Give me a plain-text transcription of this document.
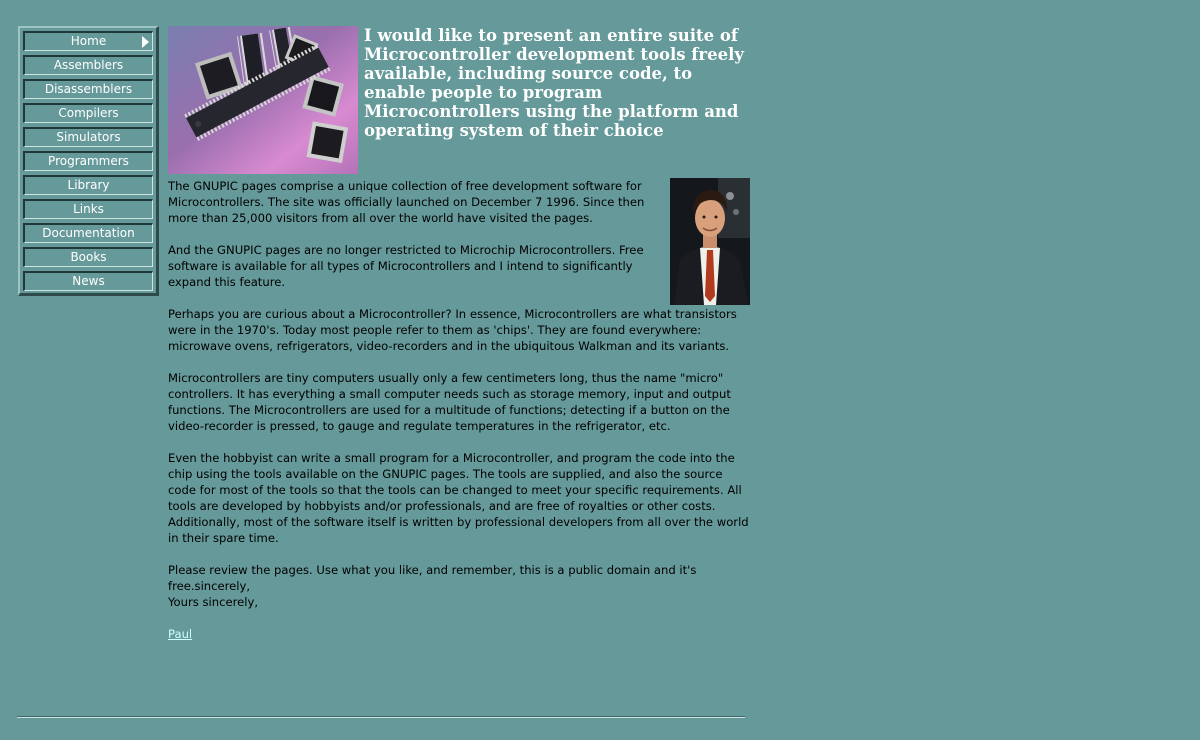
Home
Assemblers
Disassemblers
Compilers
Simulators
Programmers
Library
Links
Documentation
Books
News
I would like to present an entire suite of Microcontroller development tools freely available, including source code, to enable people to program Microcontrollers using the platform and operating system of their choice

The GNUPIC pages comprise a unique collection of free development software for Microcontrollers. The site was officially launched on December 7 1996. Since then more than 25,000 visitors from all over the world have visited the pages.

And the GNUPIC pages are no longer restricted to Microchip Microcontrollers. Free software is available for all types of Microcontrollers and I intend to significantly expand this feature.

Perhaps you are curious about a Microcontroller? In essence, Microcontrollers are what transistors were in the 1970's. Today most people refer to them as 'chips'. They are found everywhere: microwave ovens, refrigerators, video-recorders and in the ubiquitous Walkman and its variants.

Microcontrollers are tiny computers usually only a few centimeters long, thus the name "micro" controllers. It has everything a small computer needs such as storage memory, input and output functions. The Microcontrollers are used for a multitude of functions; detecting if a button on the video-recorder is pressed, to gauge and regulate temperatures in the refrigerator, etc.

Even the hobbyist can write a small program for a Microcontroller, and program the code into the chip using the tools available on the GNUPIC pages. The tools are supplied, and also the source code for most of the tools so that the tools can be changed to meet your specific requirements. All tools are developed by hobbyists and/or professionals, and are free of royalties or other costs. Additionally, most of the software itself is written by professional developers from all over the world in their spare time.

Please review the pages. Use what you like, and remember, this is a public domain and it's free.sincerely,

Yours sincerely,
Paul
